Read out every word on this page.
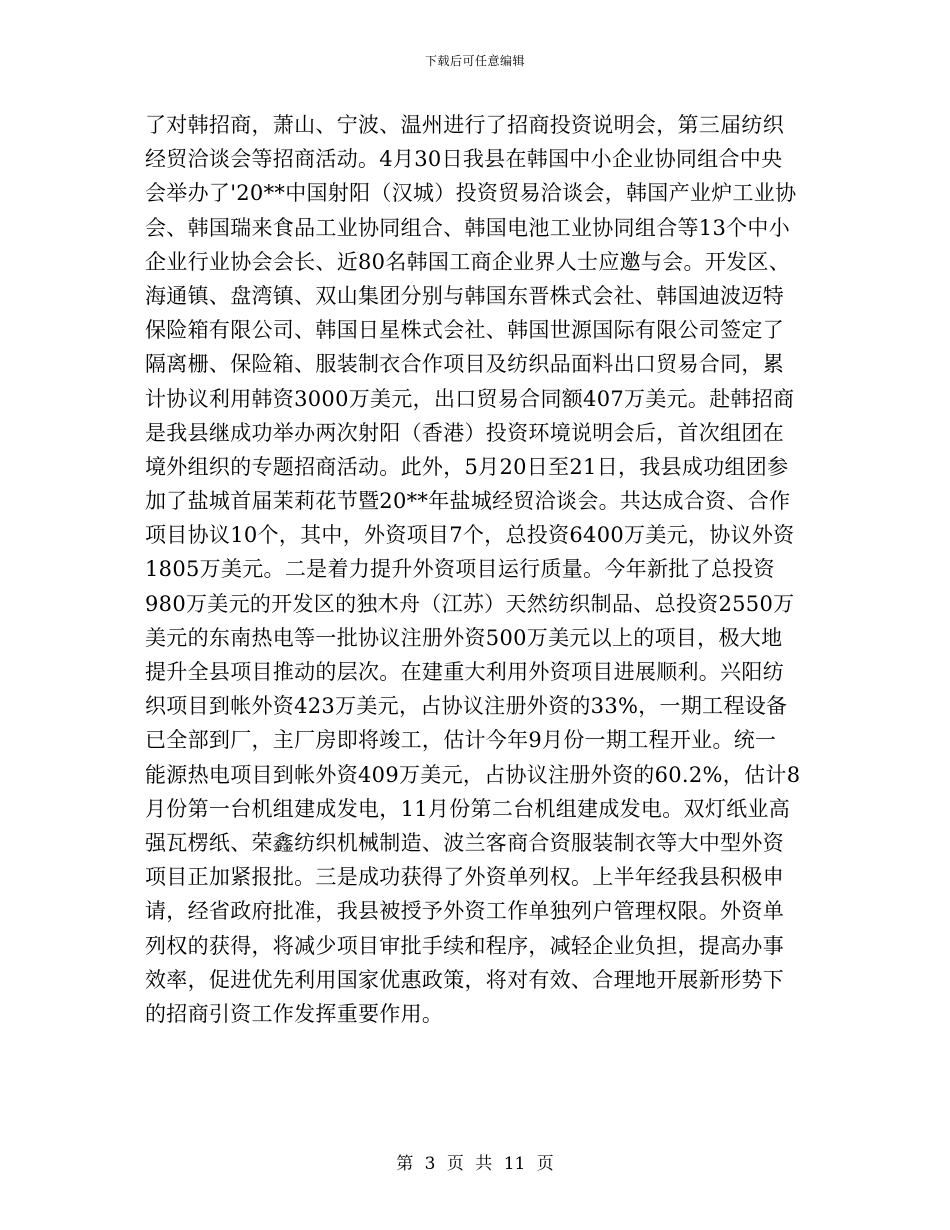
下载后可任意编辑
了对韩招商，萧山、宁波、温州进行了招商投资说明会，第三届纺织
经贸洽谈会等招商活动。4月30日我县在韩国中小企业协同组合中央
会举办了'20**中国射阳（汉城）投资贸易洽谈会，韩国产业炉工业协
会、韩国瑞来食品工业协同组合、韩国电池工业协同组合等13个中小
企业行业协会会长、近80名韩国工商企业界人士应邀与会。开发区、
海通镇、盘湾镇、双山集团分别与韩国东晋株式会社、韩国迪波迈特
保险箱有限公司、韩国日星株式会社、韩国世源国际有限公司签定了
隔离栅、保险箱、服装制衣合作项目及纺织品面料出口贸易合同，累
计协议利用韩资3000万美元，出口贸易合同额407万美元。赴韩招商
是我县继成功举办两次射阳（香港）投资环境说明会后，首次组团在
境外组织的专题招商活动。此外，5月20日至21日，我县成功组团参
加了盐城首届茉莉花节暨20**年盐城经贸洽谈会。共达成合资、合作
项目协议10个，其中，外资项目7个，总投资6400万美元，协议外资
1805万美元。二是着力提升外资项目运行质量。今年新批了总投资
980万美元的开发区的独木舟（江苏）天然纺织制品、总投资2550万
美元的东南热电等一批协议注册外资500万美元以上的项目，极大地
提升全县项目推动的层次。在建重大利用外资项目进展顺利。兴阳纺
织项目到帐外资423万美元，占协议注册外资的33%，一期工程设备
已全部到厂，主厂房即将竣工，估计今年9月份一期工程开业。统一
能源热电项目到帐外资409万美元，占协议注册外资的60.2%，估计8
月份第一台机组建成发电，11月份第二台机组建成发电。双灯纸业高
强瓦楞纸、荣鑫纺织机械制造、波兰客商合资服装制衣等大中型外资
项目正加紧报批。三是成功获得了外资单列权。上半年经我县积极申
请，经省政府批准，我县被授予外资工作单独列户管理权限。外资单
列权的获得，将减少项目审批手续和程序，减轻企业负担，提高办事
效率，促进优先利用国家优惠政策，将对有效、合理地开展新形势下
的招商引资工作发挥重要作用。
第 3 页 共 11 页
